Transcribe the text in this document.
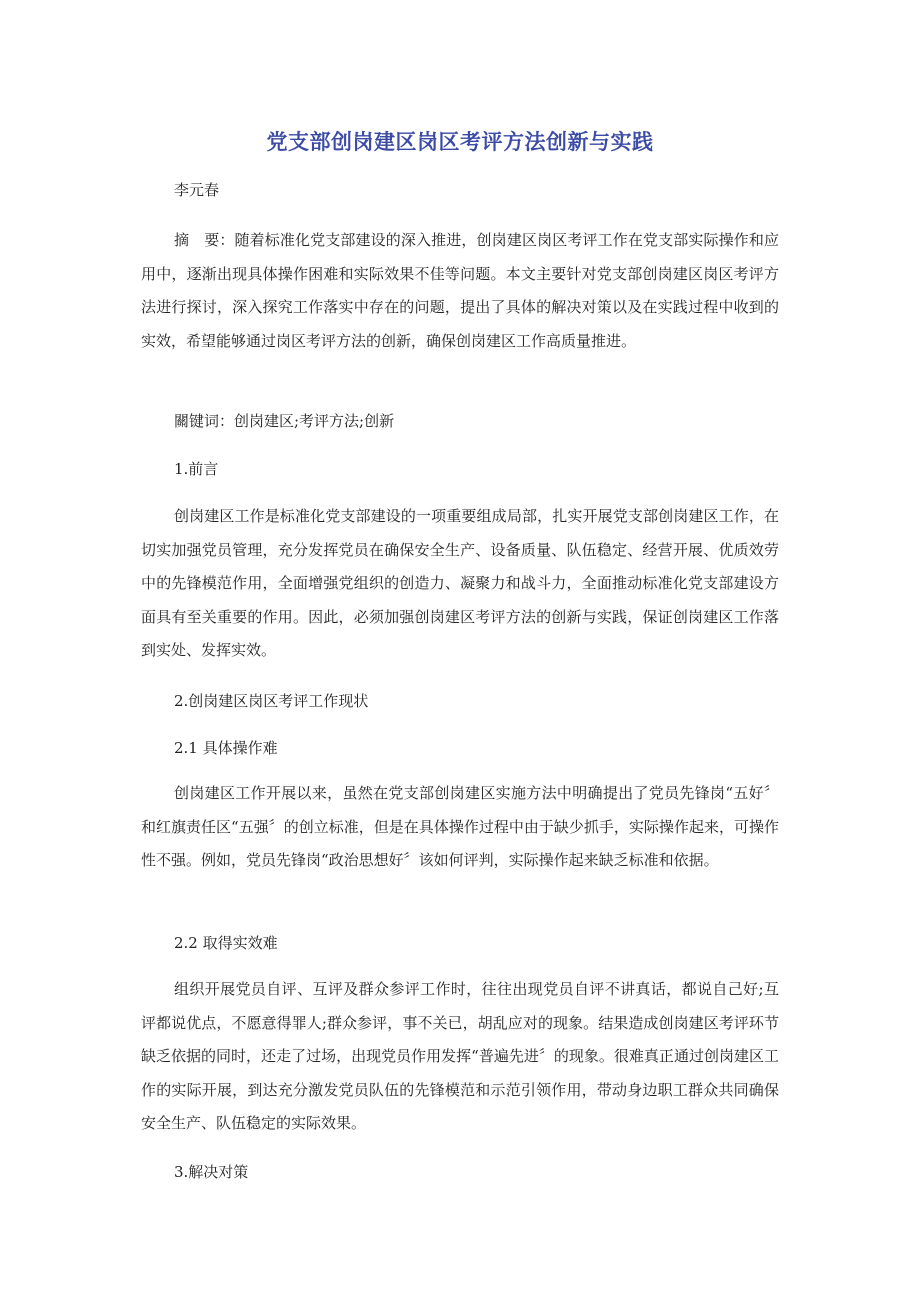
党支部创岗建区岗区考评方法创新与实践
李元春

摘　要：随着标准化党支部建设的深入推进，创岗建区岗区考评工作在党支部实际操作和应用中，逐渐出现具体操作困难和实际效果不佳等问题。本文主要针对党支部创岗建区岗区考评方法进行探讨，深入探究工作落实中存在的问题，提出了具体的解决对策以及在实践过程中收到的实效，希望能够通过岗区考评方法的创新，确保创岗建区工作高质量推进。

關键词：创岗建区;考评方法;创新

1.前言

创岗建区工作是标准化党支部建设的一项重要组成局部，扎实开展党支部创岗建区工作，在切实加强党员管理，充分发挥党员在确保安全生产、设备质量、队伍稳定、经营开展、优质效劳中的先锋模范作用，全面增强党组织的创造力、凝聚力和战斗力，全面推动标准化党支部建设方面具有至关重要的作用。因此，必须加强创岗建区考评方法的创新与实践，保证创岗建区工作落到实处、发挥实效。

2.创岗建区岗区考评工作现状
2.1 具体操作难

创岗建区工作开展以来，虽然在党支部创岗建区实施方法中明确提出了党员先锋岗“五好〞和红旗责任区“五强〞的创立标准，但是在具体操作过程中由于缺少抓手，实际操作起来，可操作性不强。例如，党员先锋岗“政治思想好〞该如何评判，实际操作起来缺乏标准和依据。

2.2 取得实效难

组织开展党员自评、互评及群众参评工作时，往往出现党员自评不讲真话，都说自己好;互评都说优点，不愿意得罪人;群众参评，事不关已，胡乱应对的现象。结果造成创岗建区考评环节缺乏依据的同时，还走了过场，出现党员作用发挥“普遍先进〞的现象。很难真正通过创岗建区工作的实际开展，到达充分激发党员队伍的先锋模范和示范引领作用，带动身边职工群众共同确保安全生产、队伍稳定的实际效果。

3.解决对策
